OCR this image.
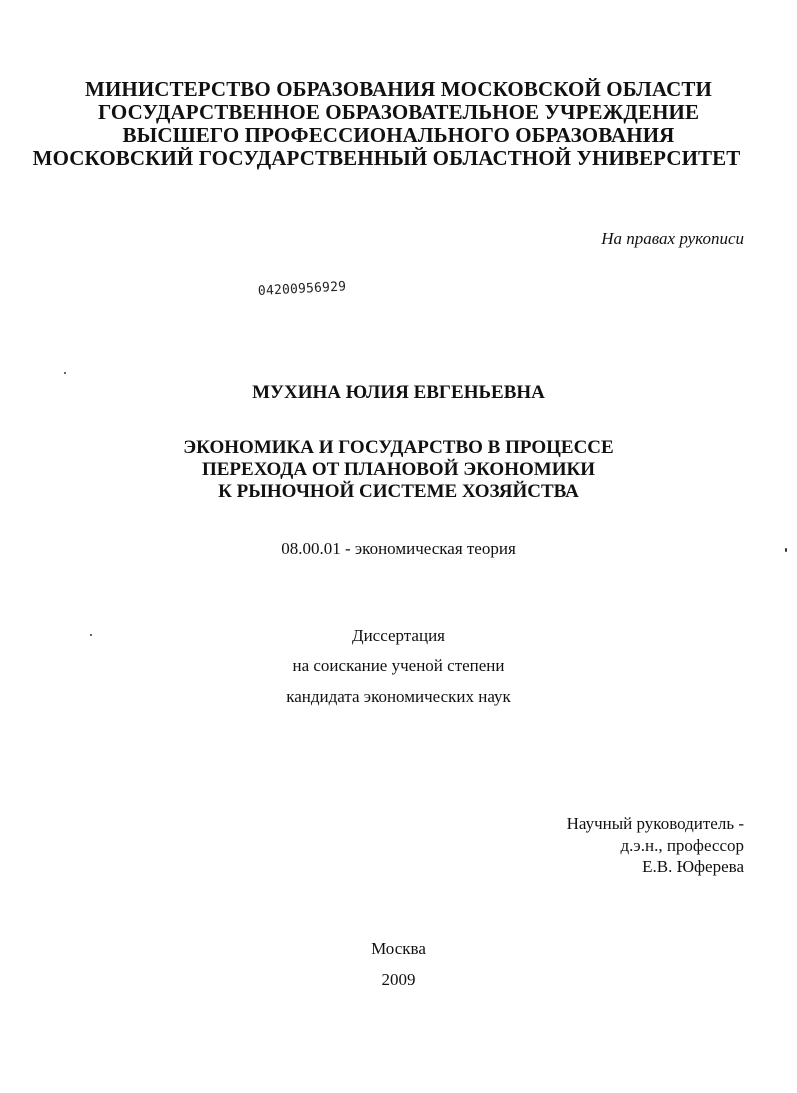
МИНИСТЕРСТВО ОБРАЗОВАНИЯ МОСКОВСКОЙ ОБЛАСТИ
ГОСУДАРСТВЕННОЕ ОБРАЗОВАТЕЛЬНОЕ УЧРЕЖДЕНИЕ
ВЫСШЕГО ПРОФЕССИОНАЛЬНОГО ОБРАЗОВАНИЯ
МОСКОВСКИЙ ГОСУДАРСТВЕННЫЙ ОБЛАСТНОЙ УНИВЕРСИТЕТ
На правах рукописи
04200956929
МУХИНА ЮЛИЯ ЕВГЕНЬЕВНА
ЭКОНОМИКА И ГОСУДАРСТВО В ПРОЦЕССЕ
ПЕРЕХОДА ОТ ПЛАНОВОЙ ЭКОНОМИКИ
К РЫНОЧНОЙ СИСТЕМЕ ХОЗЯЙСТВА
08.00.01 - экономическая теория
Диссертация
на соискание ученой степени
кандидата экономических наук
Научный руководитель -
д.э.н., профессор
Е.В. Юферева
Москва
2009
